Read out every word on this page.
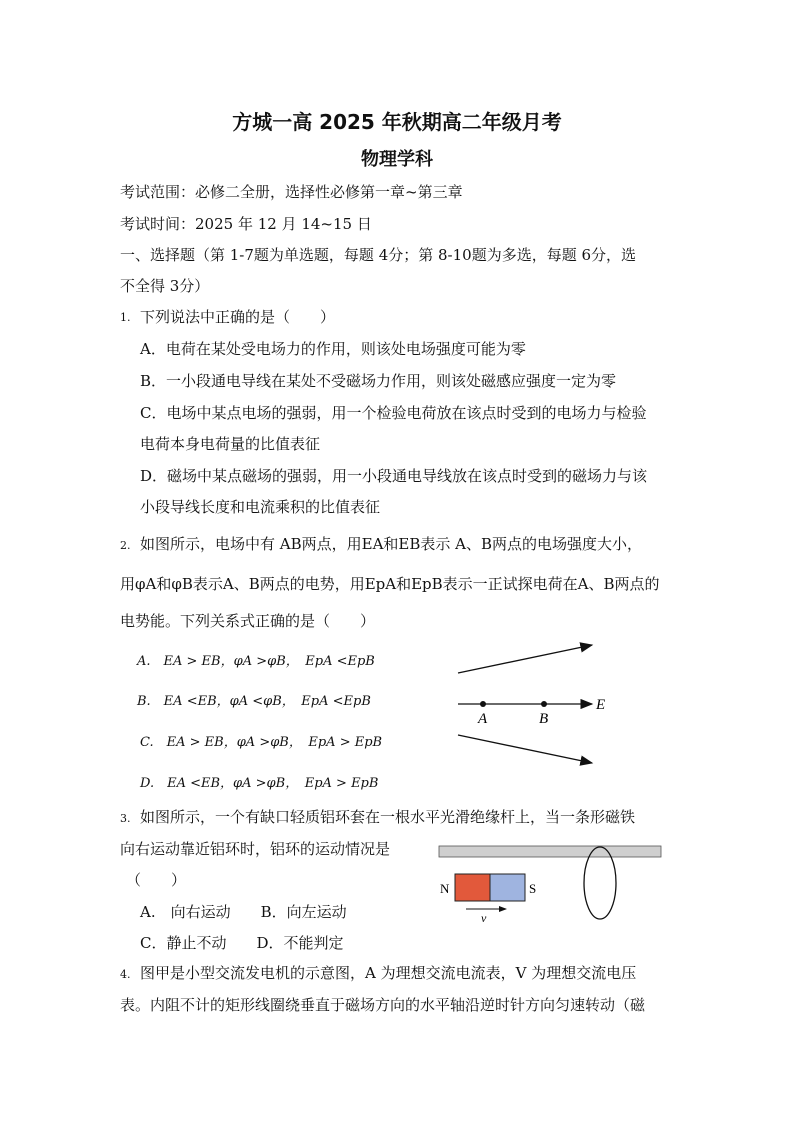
方城一高 2025 年秋期高二年级月考
物理学科
考试范围：必修二全册，选择性必修第一章~第三章
考试时间：2025 年 12 月 14~15 日
一、选择题（第 1-7题为单选题，每题 4分；第 8-10题为多选，每题 6分，选
不全得 3分）
1. 下列说法中正确的是（　　）
A．电荷在某处受电场力的作用，则该处电场强度可能为零
B．一小段通电导线在某处不受磁场力作用，则该处磁感应强度一定为零
C．电场中某点电场的强弱，用一个检验电荷放在该点时受到的电场力与检验
电荷本身电荷量的比值表征
D．磁场中某点磁场的强弱，用一小段通电导线放在该点时受到的磁场力与该
小段导线长度和电流乘积的比值表征
2. 如图所示，电场中有 AB两点，用EA和EB表示 A、B两点的电场强度大小，
用φA和φB表示A、B两点的电势，用EpA和EpB表示一正试探电荷在A、B两点的
电势能。下列关系式正确的是（　　）
A.　EA > EB，φA >φB，　EpA <EpB
B.　EA <EB，φA <φB，　EpA <EpB
C.　EA > EB，φA >φB，　EpA > EpB
D.　EA <EB，φA >φB，　EpA > EpB
A	B
E
3. 如图所示，一个有缺口轻质铝环套在一根水平光滑绝缘杆上，当一条形磁铁
向右运动靠近铝环时，铝环的运动情况是
（　　）
A.　向右运动　　B．向左运动
C．静止不动　　D．不能判定
N	S
v
4. 图甲是小型交流发电机的示意图，A 为理想交流电流表，V 为理想交流电压
表。内阻不计的矩形线圈绕垂直于磁场方向的水平轴沿逆时针方向匀速转动（磁
